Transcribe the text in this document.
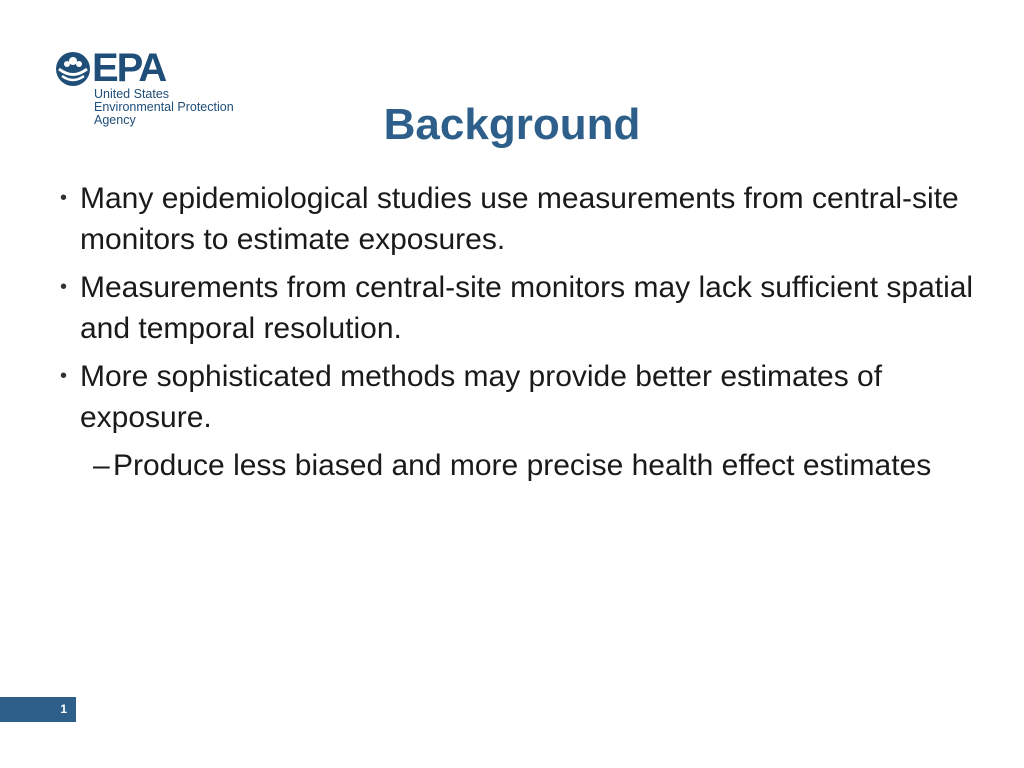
EPA
United States
Environmental Protection
Agency	Background
• Many epidemiological studies use measurements from central-site monitors to estimate exposures.
• Measurements from central-site monitors may lack sufficient spatial and temporal resolution.
• More sophisticated methods may provide better estimates of exposure.
– Produce less biased and more precise health effect estimates
1
